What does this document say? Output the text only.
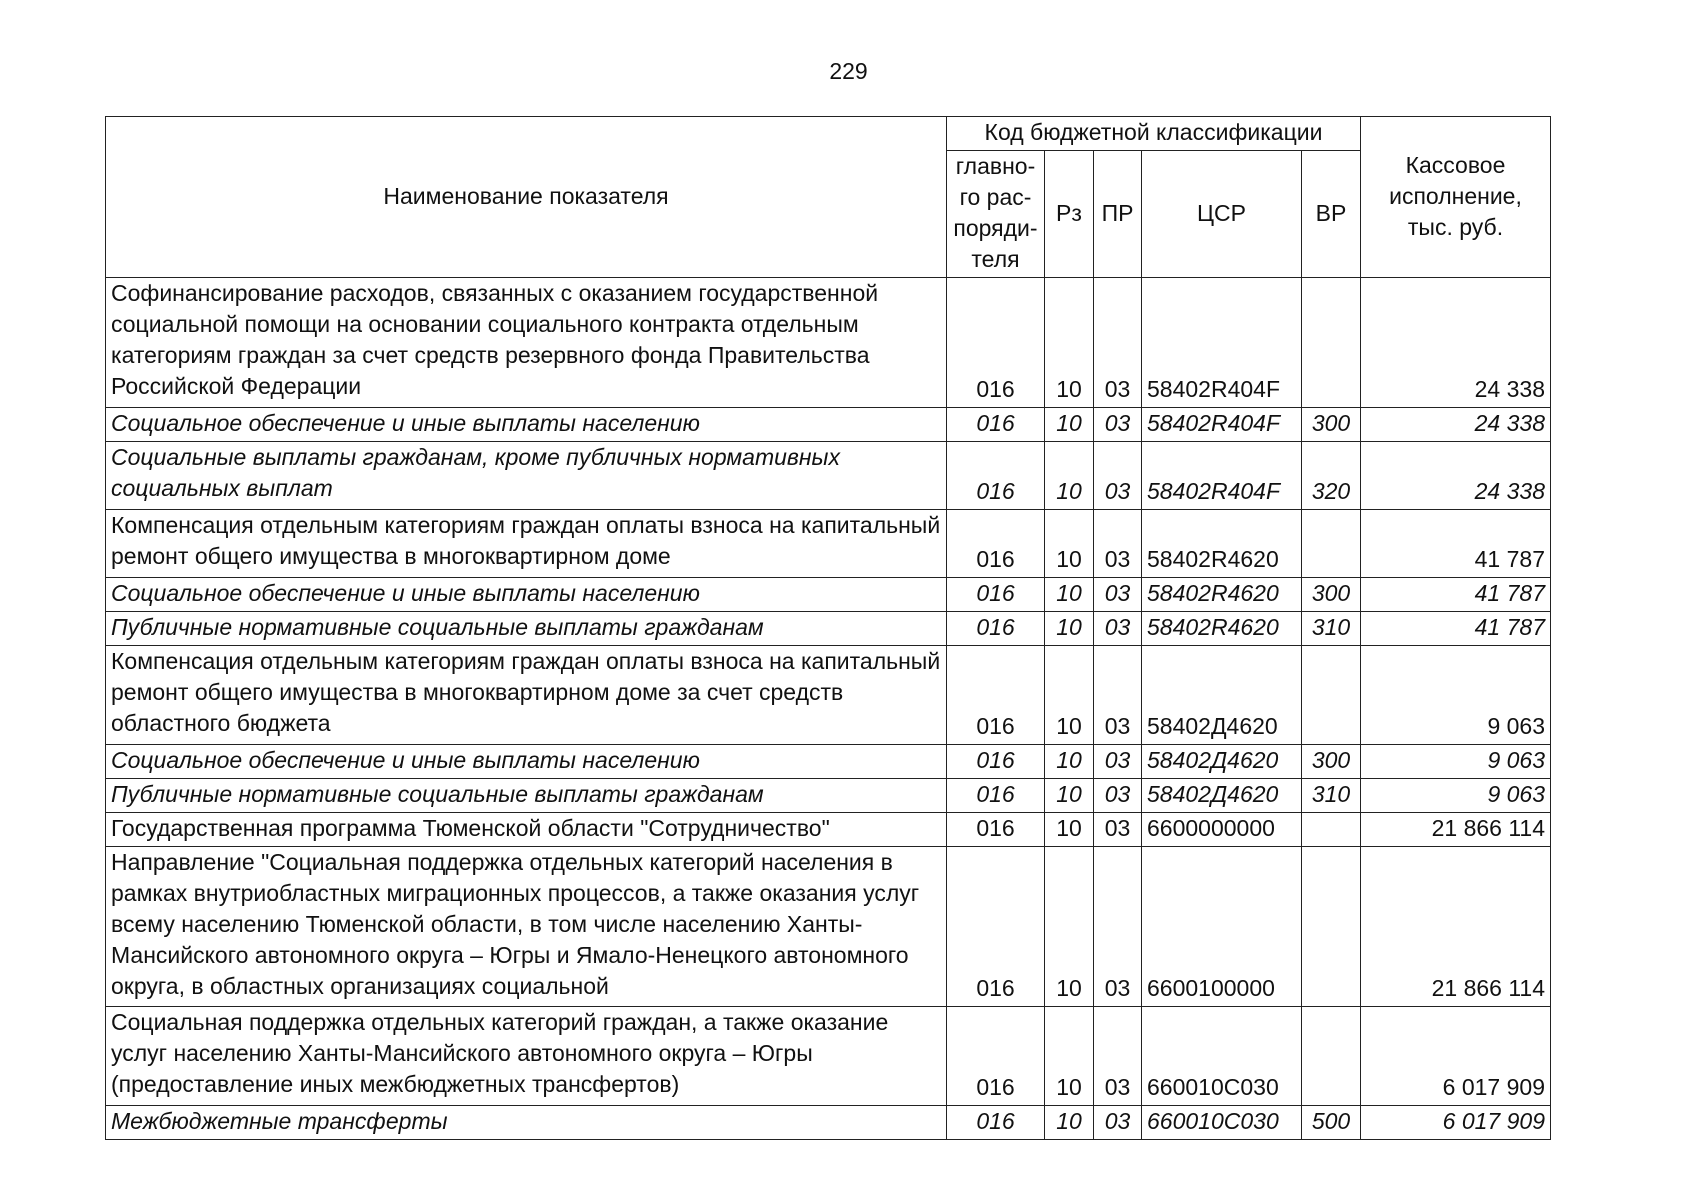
229
Наименование показателя	Код бюджетной классификации					Кассовое
исполнение,
тыс. руб.

	главно-
го рас-
поряди-
теля	Рз	ПР	ЦСР	ВР	
Софинансирование расходов, связанных с оказанием государственной социальной помощи на основании социального контракта отдельным категориям граждан за счет средств резервного фонда Правительства Российской Федерации	016	10	03	58402R404F		24 338
Социальное обеспечение и иные выплаты населению	016	10	03	58402R404F	300	24 338
Социальные выплаты гражданам, кроме публичных нормативных социальных выплат	016	10	03	58402R404F	320	24 338
Компенсация отдельным категориям граждан оплаты взноса на капитальный ремонт общего имущества в многоквартирном доме	016	10	03	58402R4620		41 787
Социальное обеспечение и иные выплаты населению	016	10	03	58402R4620	300	41 787
Публичные нормативные социальные выплаты гражданам	016	10	03	58402R4620	310	41 787
Компенсация отдельным категориям граждан оплаты взноса на капитальный ремонт общего имущества в многоквартирном доме за счет средств областного бюджета	016	10	03	58402Д4620		9 063
Социальное обеспечение и иные выплаты населению	016	10	03	58402Д4620	300	9 063
Публичные нормативные социальные выплаты гражданам	016	10	03	58402Д4620	310	9 063
Государственная программа Тюменской области "Сотрудничество"	016	10	03	6600000000		21 866 114
Направление "Социальная поддержка отдельных категорий населения в рамках внутриобластных миграционных процессов, а также оказания услуг всему населению Тюменской области, в том числе населению Ханты-Мансийского автономного округа – Югры и Ямало-Ненецкого автономного округа, в областных организациях социальной	016	10	03	6600100000		21 866 114
Социальная поддержка отдельных категорий граждан, а также оказание услуг населению Ханты-Мансийского автономного округа – Югры (предоставление иных межбюджетных трансфертов)	016	10	03	660010C030		6 017 909
Межбюджетные трансферты	016	10	03	660010C030	500	6 017 909
